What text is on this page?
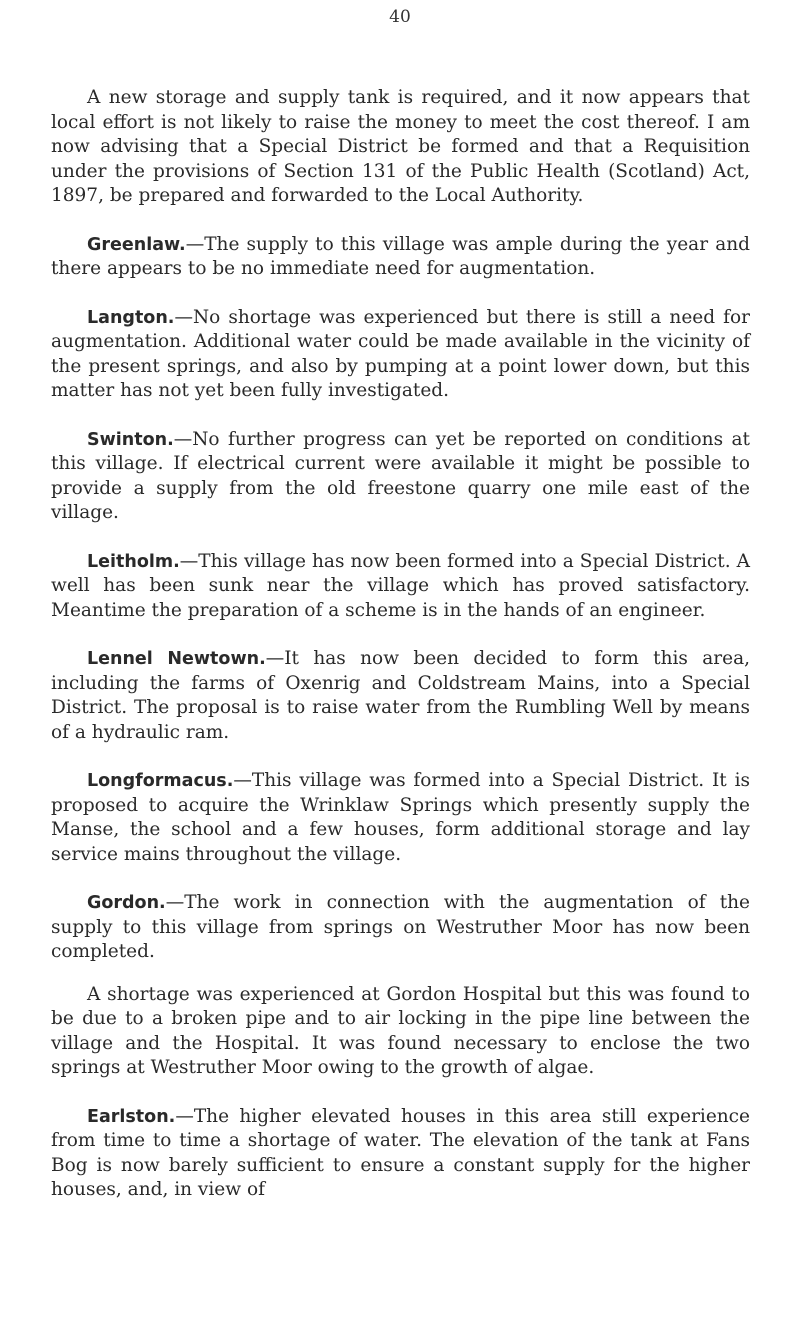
40

A new storage and supply tank is required, and it now appears that local effort is not likely to raise the money to meet the cost thereof. I am now advising that a Special District be formed and that a Requisition under the provisions of Section 131 of the Public Health (Scotland) Act, 1897, be prepared and forwarded to the Local Authority.

Greenlaw.—The supply to this village was ample during the year and there appears to be no immediate need for augmentation.

Langton.—No shortage was experienced but there is still a need for augmentation. Additional water could be made available in the vicinity of the present springs, and also by pumping at a point lower down, but this matter has not yet been fully investigated.

Swinton.—No further progress can yet be reported on conditions at this village. If electrical current were available it might be possible to provide a supply from the old freestone quarry one mile east of the village.

Leitholm.—This village has now been formed into a Special District. A well has been sunk near the village which has proved satisfactory. Meantime the preparation of a scheme is in the hands of an engineer.

Lennel Newtown.—It has now been decided to form this area, including the farms of Oxenrig and Coldstream Mains, into a Special District. The proposal is to raise water from the Rumbling Well by means of a hydraulic ram.

Longformacus.—This village was formed into a Special District. It is proposed to acquire the Wrinklaw Springs which presently supply the Manse, the school and a few houses, form additional storage and lay service mains throughout the village.

Gordon.—The work in connection with the augmentation of the supply to this village from springs on Westruther Moor has now been completed.

A shortage was experienced at Gordon Hospital but this was found to be due to a broken pipe and to air locking in the pipe line between the village and the Hospital. It was found necessary to enclose the two springs at Westruther Moor owing to the growth of algae.

Earlston.—The higher elevated houses in this area still experience from time to time a shortage of water. The elevation of the tank at Fans Bog is now barely sufficient to ensure a constant supply for the higher houses, and, in view of
